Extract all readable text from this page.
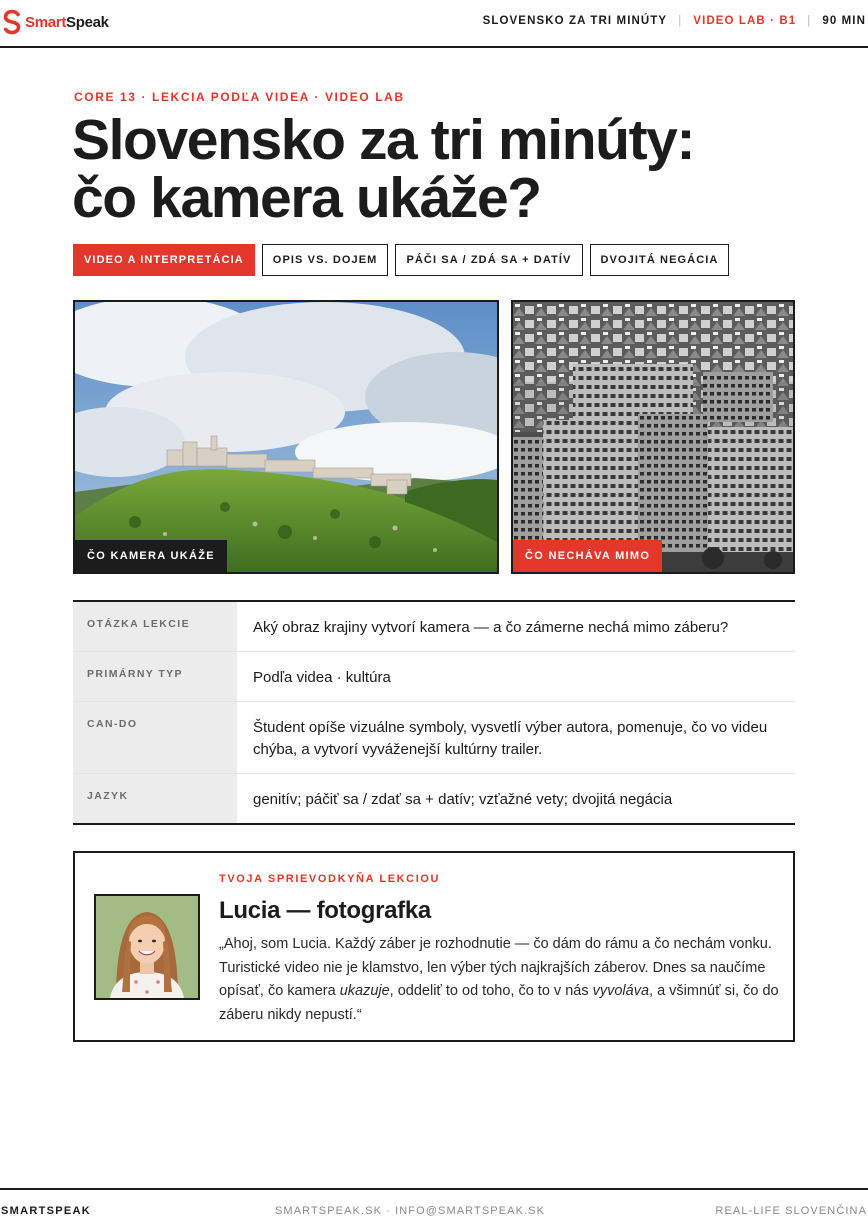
SmartSpeak	SLOVENSKO ZA TRI MINÚTY | VIDEO LAB · B1 | 90 MIN
CORE 13 · LEKCIA PODĽA VIDEA · VIDEO LAB
Slovensko za tri minúty:
čo kamera ukáže?
VIDEO A INTERPRETÁCIA	OPIS VS. DOJEM	PÁČI SA / ZDÁ SA + DATÍV	DVOJITÁ NEGÁCIA
ČO KAMERA UKÁŽE	ČO NECHÁVA MIMO
OTÁZKA LEKCIE	Aký obraz krajiny vytvorí kamera — a čo zámerne nechá mimo záberu?
PRIMÁRNY TYP	Podľa videa · kultúra
CAN-DO	Študent opíše vizuálne symboly, vysvetlí výber autora, pomenuje, čo vo videu chýba, a vytvorí vyváženejší kultúrny trailer.
JAZYK	genitív; páčiť sa / zdať sa + datív; vzťažné vety; dvojitá negácia
TVOJA SPRIEVODKYŇA LEKCIOU
Lucia — fotografka

„Ahoj, som Lucia. Každý záber je rozhodnutie — čo dám do rámu a čo nechám vonku. Turistické video nie je klamstvo, len výber tých najkrajších záberov. Dnes sa naučíme opísať, čo kamera ukazuje, oddeliť to od toho, čo to v nás vyvoláva, a všimnúť si, čo do záberu nikdy nepustí.“

SMARTSPEAK	SMARTSPEAK.SK · INFO@SMARTSPEAK.SK	REAL-LIFE SLOVENČINA
